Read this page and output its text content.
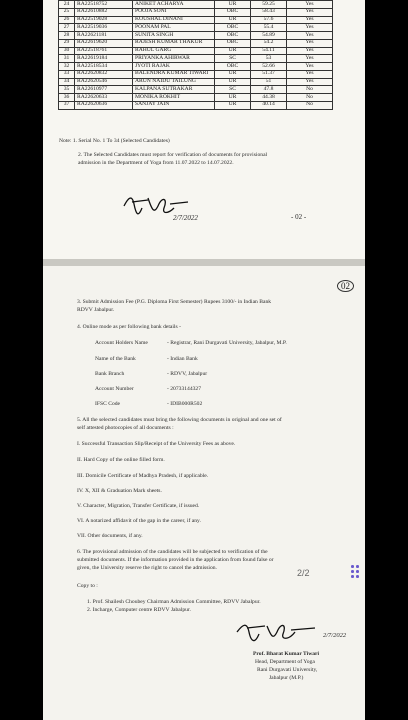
24	RA22518752	ANIKET ACHARYA	UR	59.25	Yes
25	RA22610882	POOJA SONI	OBC	58.43	Yes
26	RA22519028	KOUSHAL DINANI	UR	57.6	Yes
27	RA22519036	POONAM PAL	OBC	55.4	Yes
28	RA22621181	SUNITA SINGH	OBC	54.89	Yes
29	RA22619620	RAJESH KUMAR THAKUR	OBC	54.2	Yes
30	RA22518761	RAHUL GARG	UR	54.11	Yes
31	RA22619184	PRIYANKA AHIRWAR	SC	53	Yes
32	RA22518534	JYOTI RAJAK	OBC	52.66	Yes
33	RA22620832	BALENDRA KUMAR TIWARI	UR	51.37	Yes
34	RA22620546	ARUN NAIDU TAILUNG	UR	51	Yes
35	RA22610977	KALPANA SUTRAKAR	SC	47.8	No
36	RA22620633	MONIKA ROKHIT	UR	44.38	No
37	RA22620636	SANJAY JAIN	UR	40.14	No
Note: 1. Serial No. 1 To 34 (Selected Candidates)
2. The Selected Candidates must report for verification of documents for provisional
admission in the Department of Yoga from 11.07.2022 to 14.07.2022.
2/7/2022	- 02 -
02
3. Submit Admission Fee (P.G. Diploma First Semester) Rupees 3100/- in Indian Bank
RDVV Jabalpur.
4. Online mode as per following bank details -
Account Holders Name	- Registrar, Rani Durgavati University, Jabalpur, M.P.
Name of the Bank	- Indian Bank
Bank Branch	- RDVV, Jabalpur
Account Number	- 20733144327
IFSC Code	- IDIB000R502
5. All the selected candidates must bring the following documents in original and one set of
self attested photocopies of all documents :
I. Successful Transaction Slip/Receipt of the University Fees as above.
II. Hard Copy of the online filled form.
III. Domicile Certificate of Madhya Pradesh, if applicable.
IV. X, XII & Graduation Mark sheets.
V. Character, Migration, Transfer Certificate, if issued.
VI. A notarized affidavit of the gap in the career, if any.
VII. Other documents, if any.
6. The provisional admission of the candidates will be subjected to verification of the
submitted documents. If the information provided in the application from found false or
given, the University reserve the right to cancel the admission.	2/2
Copy to :
1. Prof. Shailesh Choubey Chairman Admission Committee, RDVV Jabalpur.
2. Incharge, Computer centre RDVV Jabalpur.
2/7/2022
Prof. Bharat Kumar Tiwari
Head, Department of Yoga
Rani Durgavati University,
Jabalpur (M.P.)
